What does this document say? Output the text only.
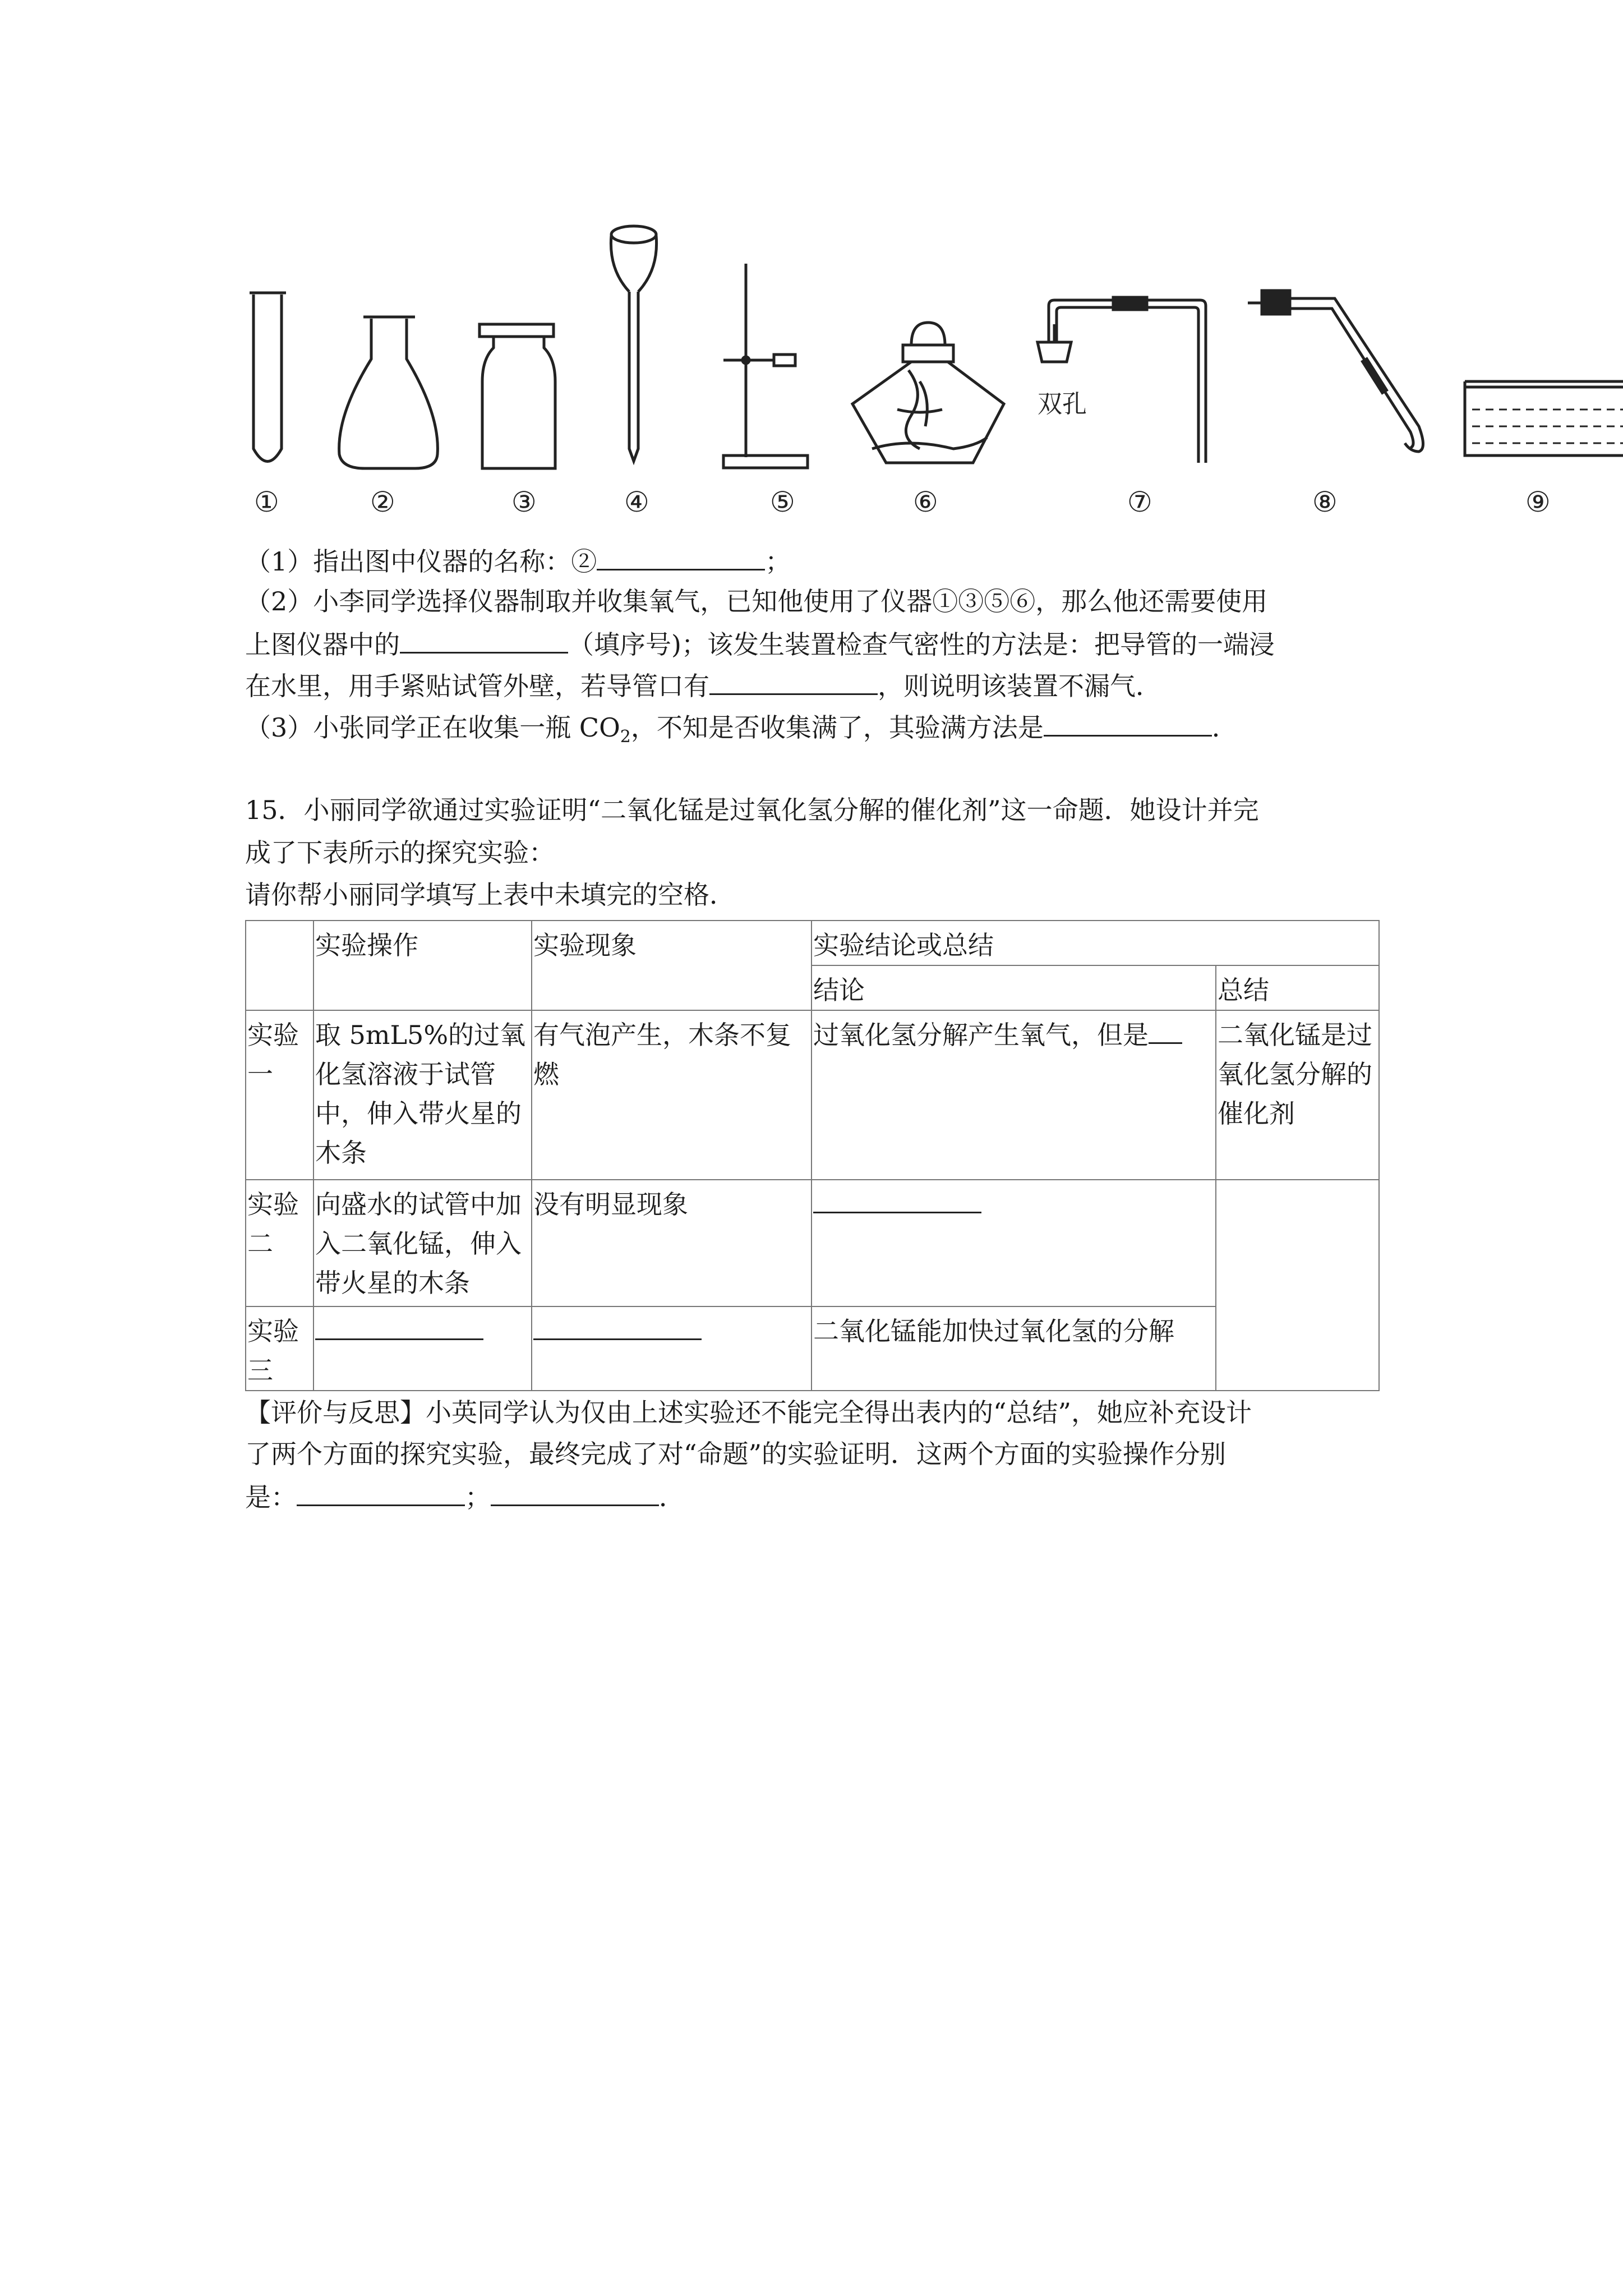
双孔
①	②	③	④	⑤	⑥	⑦	⑧	⑨
（1）指出图中仪器的名称：②	；
（2）小李同学选择仪器制取并收集氧气，已知他使用了仪器①③⑤⑥，那么他还需要使用
上图仪器中的	（填序号)；该发生装置检查气密性的方法是：把导管的一端浸
在水里，用手紧贴试管外壁，若导管口有	，则说明该装置不漏气．
（3）小张同学正在收集一瓶 $CO_2$，不知是否收集满了，其验满方法是	．
15．小丽同学欲通过实验证明“二氧化锰是过氧化氢分解的催化剂”这一命题．她设计并完
成了下表所示的探究实验：
请你帮小丽同学填写上表中未填完的空格．
	实验操作	实验现象	实验结论或总结	
			结论	总结
实验一	取 5mL5%的过氧化氢溶液于试管中，伸入带火星的木条	有气泡产生，木条不复燃	过氧化氢分解产生氧气，但是	二氧化锰是过氧化氢分解的催化剂
实验二	向盛水的试管中加入二氧化锰，伸入带火星的木条	没有明显现象		
实验三			二氧化锰能加快过氧化氢的分解	
【评价与反思】小英同学认为仅由上述实验还不能完全得出表内的“总结”，她应补充设计
了两个方面的探究实验，最终完成了对“命题”的实验证明．这两个方面的实验操作分别
是：	；	．
